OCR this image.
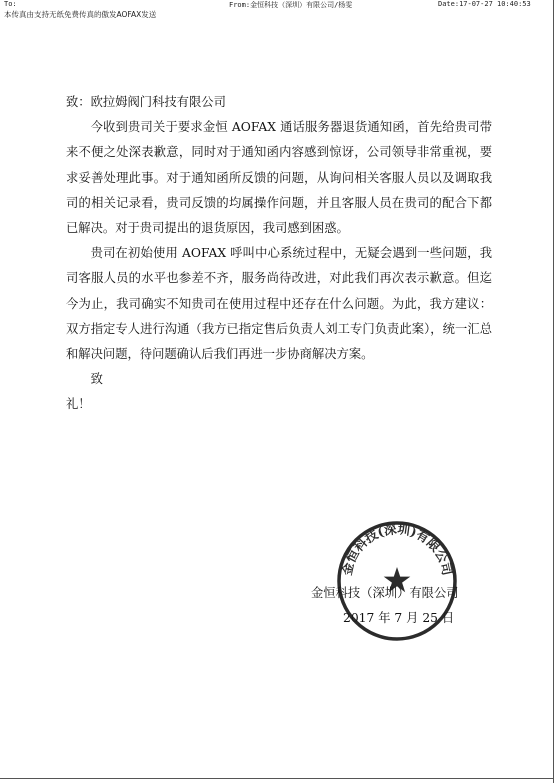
To:	From:金恒科技（深圳）有限公司/杨雯	Date:17-07-27 10:40:53
本传真由支持无纸免费传真的傲发AOFAX发送

致：欧拉姆阀门科技有限公司

今收到贵司关于要求金恒 AOFAX 通话服务器退货通知函，首先给贵司带来不便之处深表歉意，同时对于通知函内容感到惊讶，公司领导非常重视，要求妥善处理此事。对于通知函所反馈的问题，从询问相关客服人员以及调取我司的相关记录看，贵司反馈的均属操作问题，并且客服人员在贵司的配合下都已解决。对于贵司提出的退货原因，我司感到困惑。

贵司在初始使用 AOFAX 呼叫中心系统过程中，无疑会遇到一些问题，我司客服人员的水平也参差不齐，服务尚待改进，对此我们再次表示歉意。但迄今为止，我司确实不知贵司在使用过程中还存在什么问题。为此，我方建议：双方指定专人进行沟通（我方已指定售后负责人刘工专门负责此案），统一汇总和解决问题，待问题确认后我们再进一步协商解决方案。

致

礼！

金恒科技（深圳）有限公司
2017 年 7 月 25 日
金恒科技(深圳)有限公司
